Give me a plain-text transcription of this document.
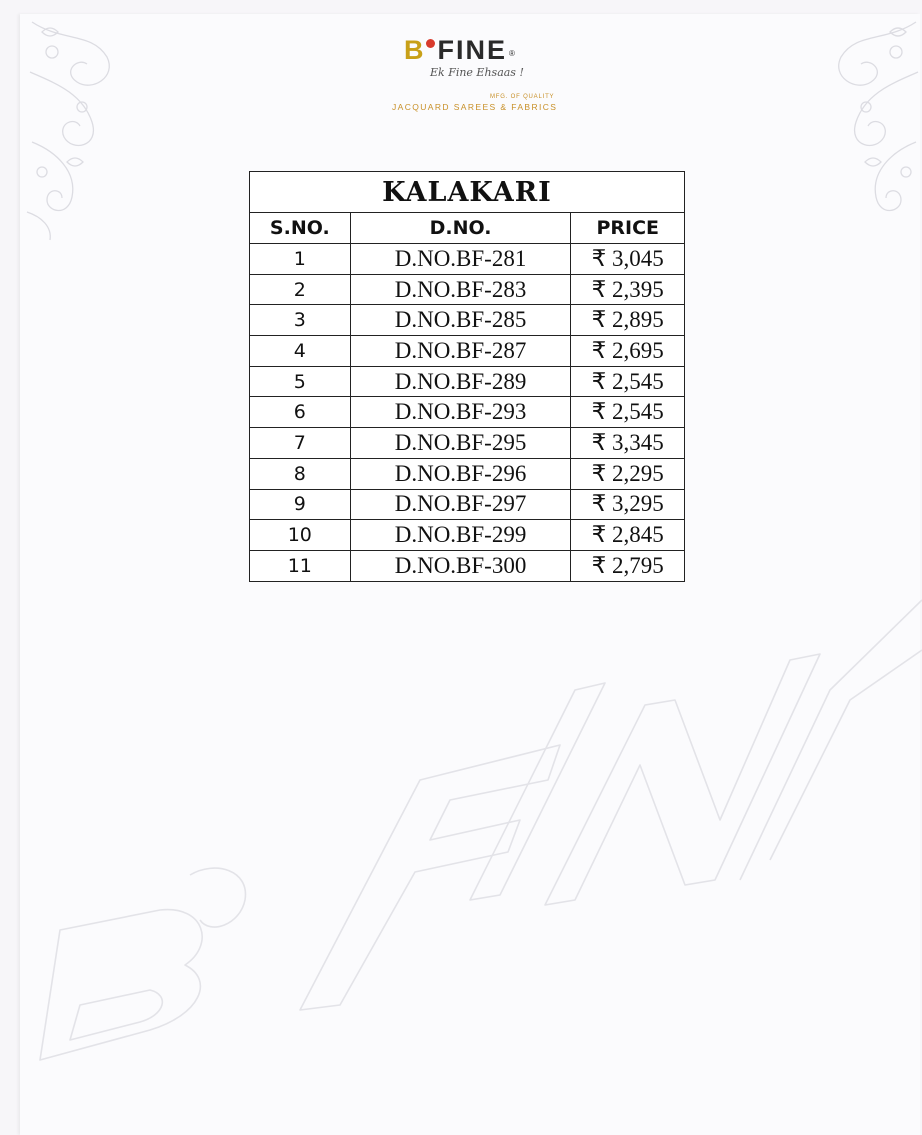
B FINE ®
Ek Fine Ehsaas !
MFG. OF QUALITY
JACQUARD SAREES & FABRICS
KALAKARI		
S.NO.	D.NO.	PRICE
1	D.NO.BF-281	₹ 3,045
2	D.NO.BF-283	₹ 2,395
3	D.NO.BF-285	₹ 2,895
4	D.NO.BF-287	₹ 2,695
5	D.NO.BF-289	₹ 2,545
6	D.NO.BF-293	₹ 2,545
7	D.NO.BF-295	₹ 3,345
8	D.NO.BF-296	₹ 2,295
9	D.NO.BF-297	₹ 3,295
10	D.NO.BF-299	₹ 2,845
11	D.NO.BF-300	₹ 2,795
